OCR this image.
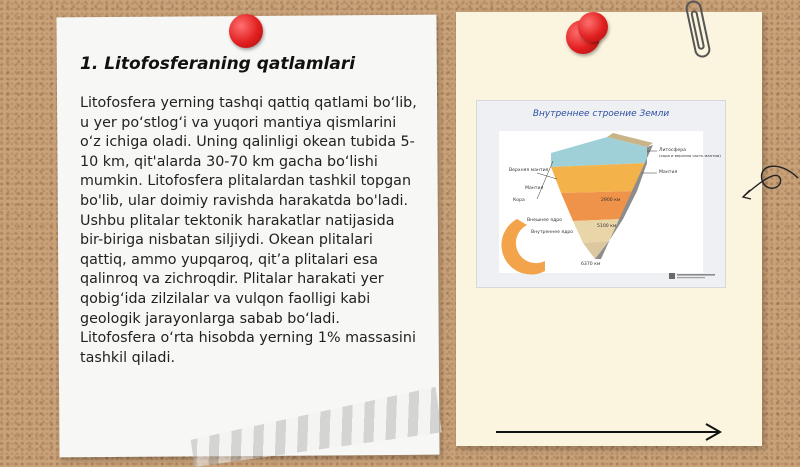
1. Litofosferaning qatlamlari
Litofosfera yerning tashqi qattiq qatlami bo‘lib, u yer po‘stlog‘i va yuqori mantiya qismlarini o‘z ichiga oladi. Uning qalinligi okean tubida 5-10 km, qit'alarda 30-70 km gacha bo‘lishi mumkin. Litofosfera plitalardan tashkil topgan bo'lib, ular doimiy ravishda harakatda bo'ladi. Ushbu plitalar tektonik harakatlar natijasida bir-biriga nisbatan siljiydi. Okean plitalari qattiq, ammo yupqaroq, qit’a plitalari esa qalinroq va zichroqdir. Plitalar harakati yer qobig‘ida zilzilalar va vulqon faolligi kabi geologik jarayonlarga sabab bo‘ladi. Litofosfera o‘rta hisobda yerning 1% massasini tashkil qiladi.
Внутреннее строение Земли
Литосфера
(кора и верхняя часть мантии)
Мантия
Верхняя мантия
Мантия
Кора
Внешнее ядро
Внутреннее ядро
2900 км
5100 км
6370 км
